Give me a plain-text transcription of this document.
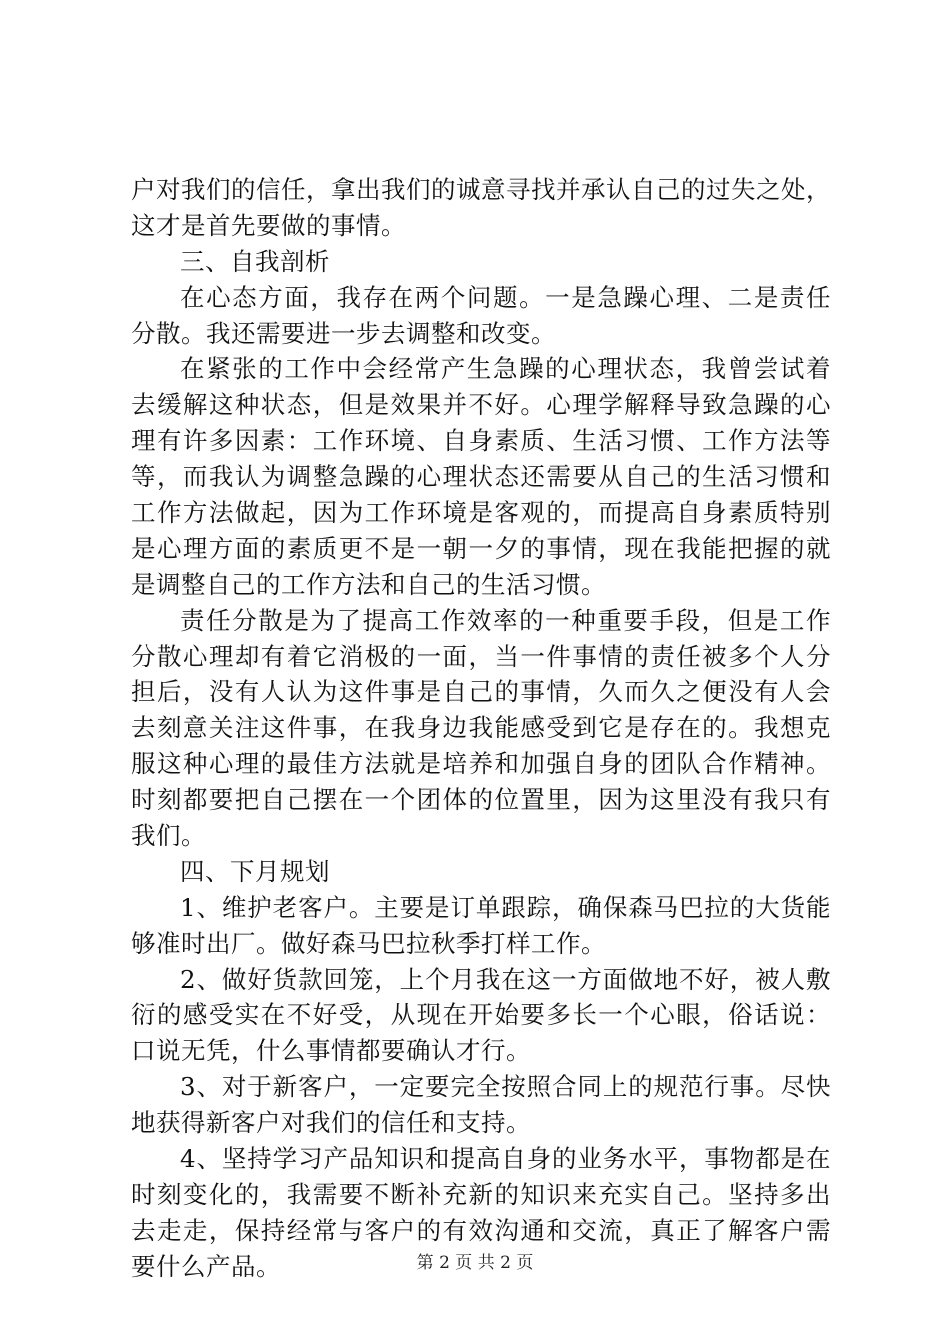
户对我们的信任，拿出我们的诚意寻找并承认自己的过失之处，
这才是首先要做的事情。
三、自我剖析
在心态方面，我存在两个问题。一是急躁心理、二是责任
分散。我还需要进一步去调整和改变。
在紧张的工作中会经常产生急躁的心理状态，我曾尝试着
去缓解这种状态，但是效果并不好。心理学解释导致急躁的心
理有许多因素：工作环境、自身素质、生活习惯、工作方法等
等，而我认为调整急躁的心理状态还需要从自己的生活习惯和
工作方法做起，因为工作环境是客观的，而提高自身素质特别
是心理方面的素质更不是一朝一夕的事情，现在我能把握的就
是调整自己的工作方法和自己的生活习惯。
责任分散是为了提高工作效率的一种重要手段，但是工作
分散心理却有着它消极的一面，当一件事情的责任被多个人分
担后，没有人认为这件事是自己的事情，久而久之便没有人会
去刻意关注这件事，在我身边我能感受到它是存在的。我想克
服这种心理的最佳方法就是培养和加强自身的团队合作精神。
时刻都要把自己摆在一个团体的位置里，因为这里没有我只有
我们。
四、下月规划
1、维护老客户。主要是订单跟踪，确保森马巴拉的大货能
够准时出厂。做好森马巴拉秋季打样工作。
2、做好货款回笼，上个月我在这一方面做地不好，被人敷
衍的感受实在不好受，从现在开始要多长一个心眼，俗话说：
口说无凭，什么事情都要确认才行。
3、对于新客户，一定要完全按照合同上的规范行事。尽快
地获得新客户对我们的信任和支持。
4、坚持学习产品知识和提高自身的业务水平，事物都是在
时刻变化的，我需要不断补充新的知识来充实自己。坚持多出
去走走，保持经常与客户的有效沟通和交流，真正了解客户需
要什么产品。	第 2 页 共 2 页
